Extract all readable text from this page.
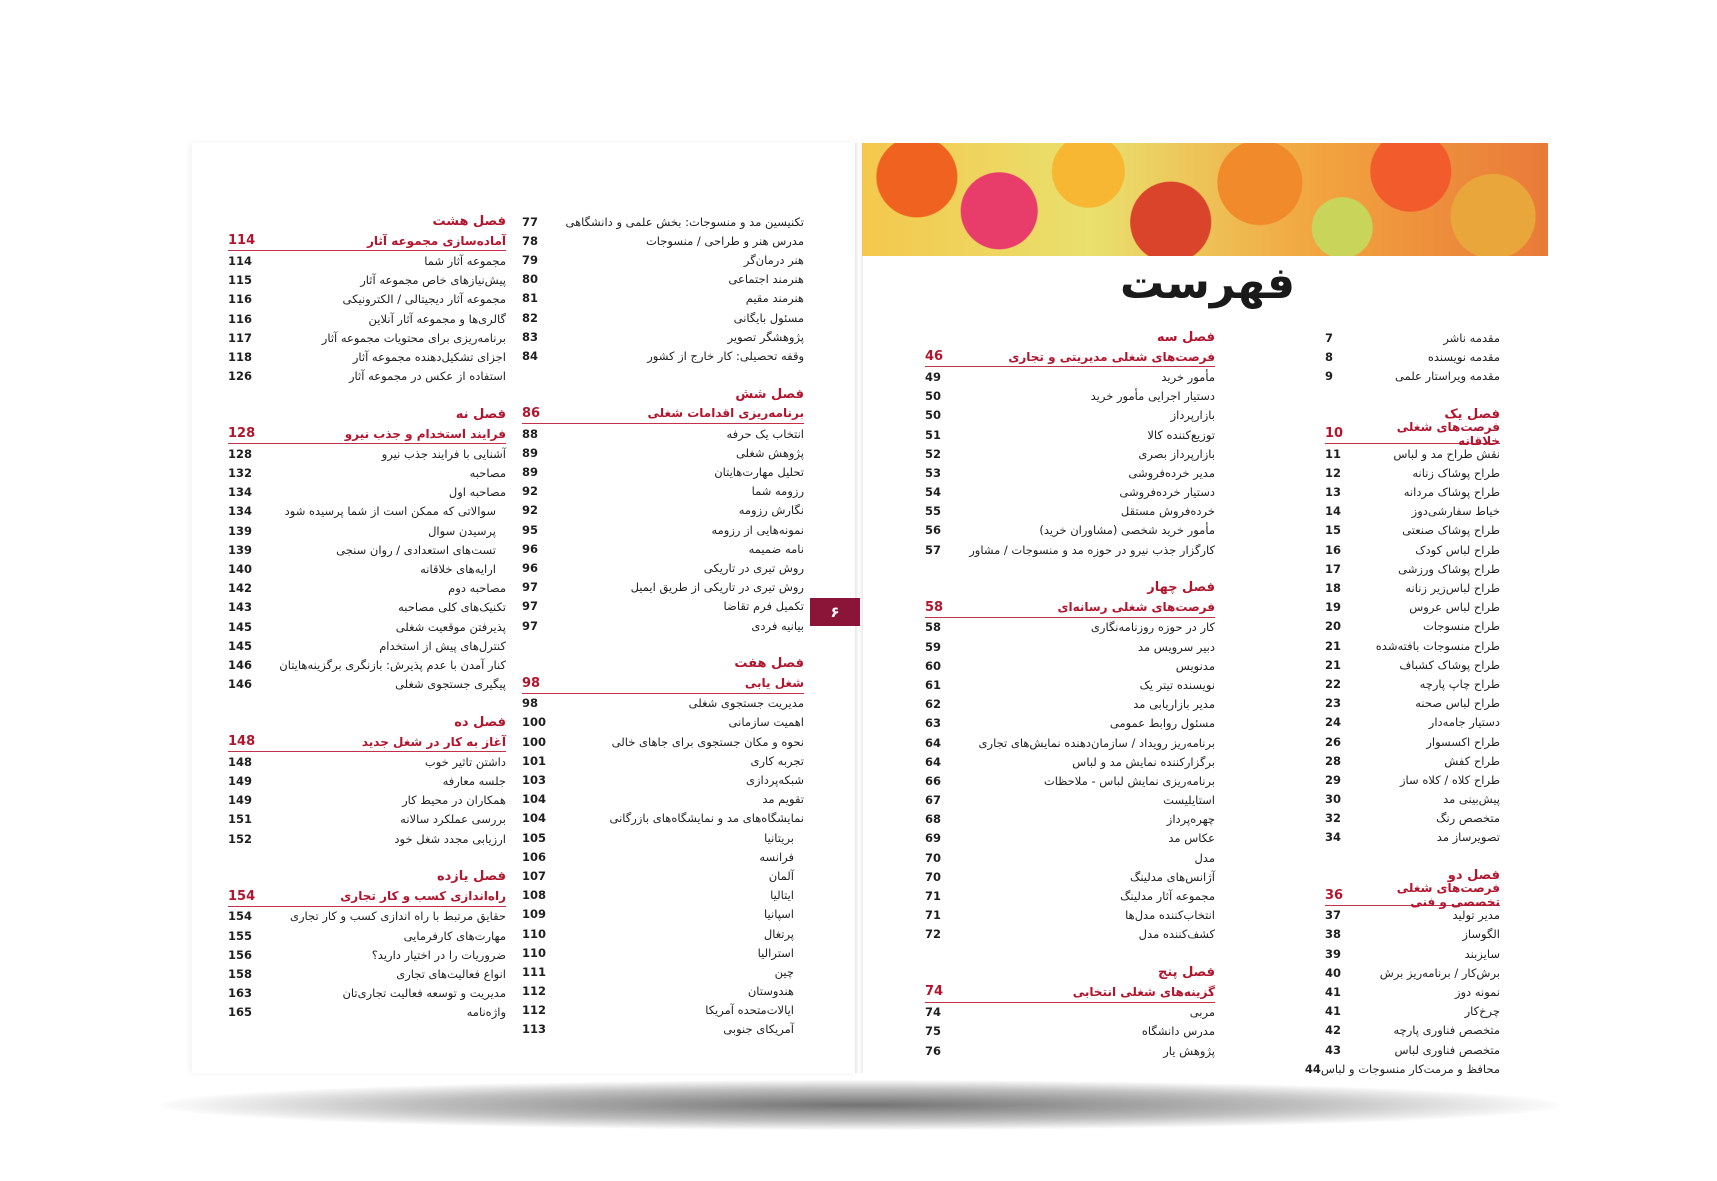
فهرست
۶
مقدمه ناشر
7
مقدمه نویسنده
8
مقدمه ویراستار علمی
9
فصل یک
فرصت‌های شغلی خلاقانه
10
نقش طراح مد و لباس
11
طراح پوشاک زنانه
12
طراح پوشاک مردانه
13
خیاط سفارشی‌دوز
14
طراح پوشاک صنعتی
15
طراح لباس کودک
16
طراح پوشاک ورزشی
17
طراح لباس‌زیر زنانه
18
طراح لباس عروس
19
طراح منسوجات
20
طراح منسوجات بافته‌شده
21
طراح پوشاک کشباف
21
طراح چاپ پارچه
22
طراح لباس صحنه
23
دستیار جامه‌دار
24
طراح اکسسوار
26
طراح کفش
28
طراح کلاه / کلاه ساز
29
پیش‌بینی مد
30
متخصص رنگ
32
تصویرساز مد
34
فصل دو
فرصت‌های شغلی تخصصی و فنی
36
مدیر تولید
37
الگوساز
38
سایزبند
39
برش‌کار / برنامه‌ریز برش
40
نمونه دوز
41
چرخ‌کار
41
متخصص فناوری پارچه
42
متخصص فناوری لباس
43
محافظ و مرمت‌کار منسوجات و لباس
44
فصل سه
فرصت‌های شغلی مدیریتی و تجاری
46
مأمور خرید
49
دستیار اجرایی مأمور خرید
50
بازارپرداز
50
توزیع‌کننده کالا
51
بازارپرداز بصری
52
مدیر خرده‌فروشی
53
دستیار خرده‌فروشی
54
خرده‌فروش مستقل
55
مأمور خرید شخصی (مشاوران خرید)
56
کارگزار جذب نیرو در حوزه مد و منسوجات / مشاور
57
فصل چهار
فرصت‌های شغلی رسانه‌ای
58
کار در حوزه روزنامه‌نگاری
58
دبیر سرویس مد
59
مدنویس
60
نویسنده تیتر یک
61
مدیر بازاریابی مد
62
مسئول روابط عمومی
63
برنامه‌ریز رویداد / سازمان‌دهنده نمایش‌های تجاری
64
برگزارکننده نمایش مد و لباس
64
برنامه‌ریزی نمایش لباس - ملاحظات
66
استایلیست
67
چهره‌پرداز
68
عکاس مد
69
مدل
70
آژانس‌های مدلینگ
70
مجموعه آثار مدلینگ
71
انتخاب‌کننده مدل‌ها
71
کشف‌کننده مدل
72
فصل پنج
گزینه‌های شغلی انتخابی
74
مربی
74
مدرس دانشگاه
75
پژوهش یار
76
تکنیسین مد و منسوجات: بخش علمی و دانشگاهی
77
مدرس هنر و طراحی / منسوجات
78
هنر درمان‌گر
79
هنرمند اجتماعی
80
هنرمند مقیم
81
مسئول بایگانی
82
پژوهشگر تصویر
83
وقفه تحصیلی: کار خارج از کشور
84
فصل شش
برنامه‌ریزی اقدامات شغلی
86
انتخاب یک حرفه
88
پژوهش شغلی
89
تحلیل مهارت‌هایتان
89
رزومه شما
92
نگارش رزومه
92
نمونه‌هایی از رزومه
95
نامه ضمیمه
96
روش تیری در تاریکی
96
روش تیری در تاریکی از طریق ایمیل
97
تکمیل فرم تقاضا
97
بیانیه فردی
97
فصل هفت
شغل یابی
98
مدیریت جستجوی شغلی
98
اهمیت سازمانی
100
نحوه و مکان جستجوی برای جاهای خالی
100
تجربه کاری
101
شبکه‌پردازی
103
تقویم مد
104
نمایشگاه‌های مد و نمایشگاه‌های بازرگانی
104
بریتانیا
105
فرانسه
106
آلمان
107
ایتالیا
108
اسپانیا
109
پرتغال
110
استرالیا
110
چین
111
هندوستان
112
ایالات‌متحده آمریکا
112
آمریکای جنوبی
113
فصل هشت
آماده‌سازی مجموعه آثار
114
مجموعه آثار شما
114
پیش‌نیازهای خاص مجموعه آثار
115
مجموعه آثار دیجیتالی / الکترونیکی
116
گالری‌ها و مجموعه آثار آنلاین
116
برنامه‌ریزی برای محتویات مجموعه آثار
117
اجزای تشکیل‌دهنده مجموعه آثار
118
استفاده از عکس در مجموعه آثار
126
فصل نه
فرایند استخدام و جذب نیرو
128
آشنایی با فرایند جذب نیرو
128
مصاحبه
132
مصاحبه اول
134
سوالاتی که ممکن است از شما پرسیده شود
134
پرسیدن سوال
139
تست‌های استعدادی / روان سنجی
139
ارایه‌های خلاقانه
140
مصاحبه دوم
142
تکنیک‌های کلی مصاحبه
143
پذیرفتن موقعیت شغلی
145
کنترل‌های پیش از استخدام
145
کنار آمدن با عدم پذیرش: بازنگری برگزینه‌هایتان
146
پیگیری جستجوی شغلی
146
فصل ده
آغاز به کار در شغل جدید
148
داشتن تاثیر خوب
148
جلسه معارفه
149
همکاران در محیط کار
149
بررسی عملکرد سالانه
151
ارزیابی مجدد شغل خود
152
فصل یازده
راه‌اندازی کسب و کار تجاری
154
حقایق مرتبط با راه اندازی کسب و کار تجاری
154
مهارت‌های کارفرمایی
155
ضروریات را در اختیار دارید؟
156
انواع فعالیت‌های تجاری
158
مدیریت و توسعه فعالیت تجاری‌تان
163
واژه‌نامه
165
